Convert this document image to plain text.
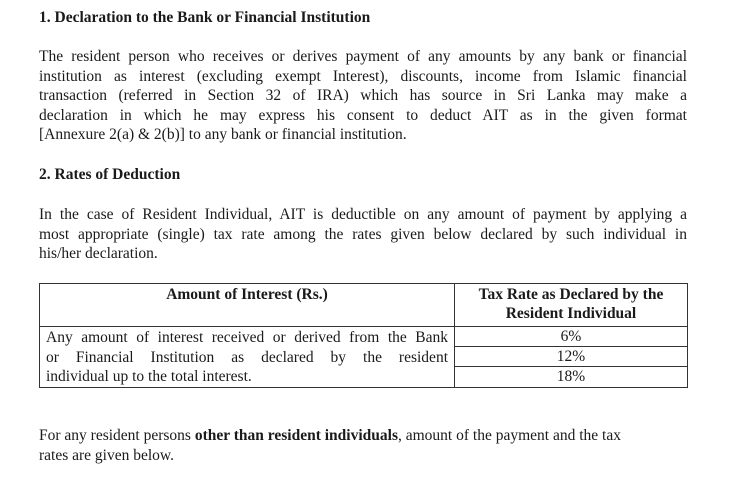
1. Declaration to the Bank or Financial Institution
The resident person who receives or derives payment of any amounts by any bank or financial
institution as interest (excluding exempt Interest), discounts, income from Islamic financial
transaction (referred in Section 32 of IRA) which has source in Sri Lanka may make a
declaration in which he may express his consent to deduct AIT as in the given format
[Annexure 2(a) & 2(b)] to any bank or financial institution.
2. Rates of Deduction
In the case of Resident Individual, AIT is deductible on any amount of payment by applying a
most appropriate (single) tax rate among the rates given below declared by such individual in
his/her declaration.
Amount of Interest (Rs.)	Tax Rate as Declared by the
Resident Individual

Any amount of interest received or derived from the Bank
or Financial Institution as declared by the resident
individual up to the total interest.	6%
	12%
	18%
For any resident persons other than resident individuals, amount of the payment and the tax
rates are given below.
